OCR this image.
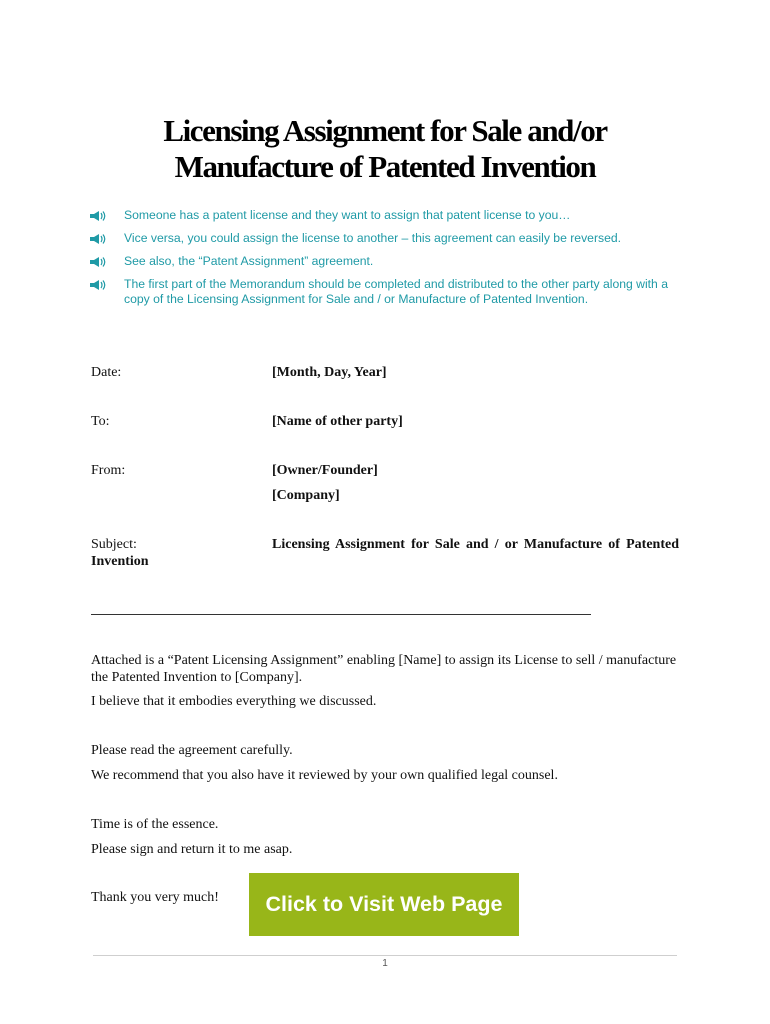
Licensing Assignment for Sale and/or
Manufacture of Patented Invention
Someone has a patent license and they want to assign that patent license to you…
Vice versa, you could assign the license to another – this agreement can easily be reversed.
See also, the “Patent Assignment” agreement.
The first part of the Memorandum should be completed and distributed to the other party along with a copy of the Licensing Assignment for Sale and / or Manufacture of Patented Invention.
Date:	[Month, Day, Year]
To:	[Name of other party]
From:	[Owner/Founder]
[Company]
Subject:	Licensing Assignment for Sale and / or Manufacture of Patented
Invention
Attached is a “Patent Licensing Assignment” enabling [Name] to assign its License to sell / manufacture the Patented Invention to [Company].
I believe that it embodies everything we discussed.
Please read the agreement carefully.
We recommend that you also have it reviewed by your own qualified legal counsel.
Time is of the essence.
Please sign and return it to me asap.
Thank you very much!	Click to Visit Web Page
1
